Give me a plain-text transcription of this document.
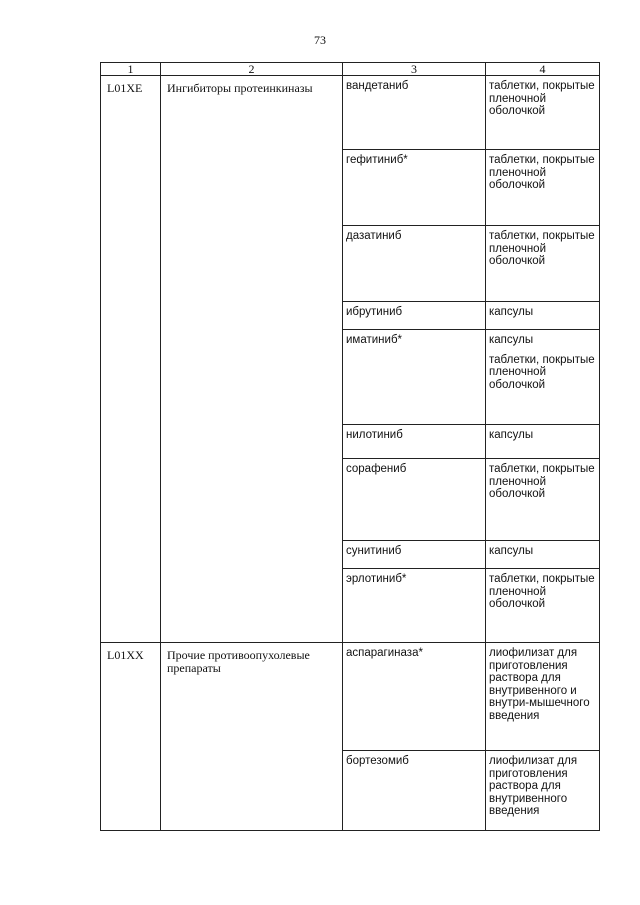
73
1	2	3	4
L01XE	Ингибиторы протеинкиназы	вандетаниб	таблетки, покрытые пленочной оболочкой

		гефитиниб*	таблетки, покрытые пленочной оболочкой

		дазатиниб	таблетки, покрытые пленочной оболочкой

		ибрутиниб	капсулы

		иматиниб*	капсулы
таблетки, покрытые пленочной оболочкой

		нилотиниб	капсулы

		сорафениб	таблетки, покрытые пленочной оболочкой

		сунитиниб	капсулы

		эрлотиниб*	таблетки, покрытые пленочной оболочкой

L01XX	Прочие противоопухолевые препараты	аспарагиназа*	лиофилизат для приготовления раствора для внутривенного и внутри-мышечного введения

		бортезомиб	лиофилизат для приготовления раствора для внутривенного введения
